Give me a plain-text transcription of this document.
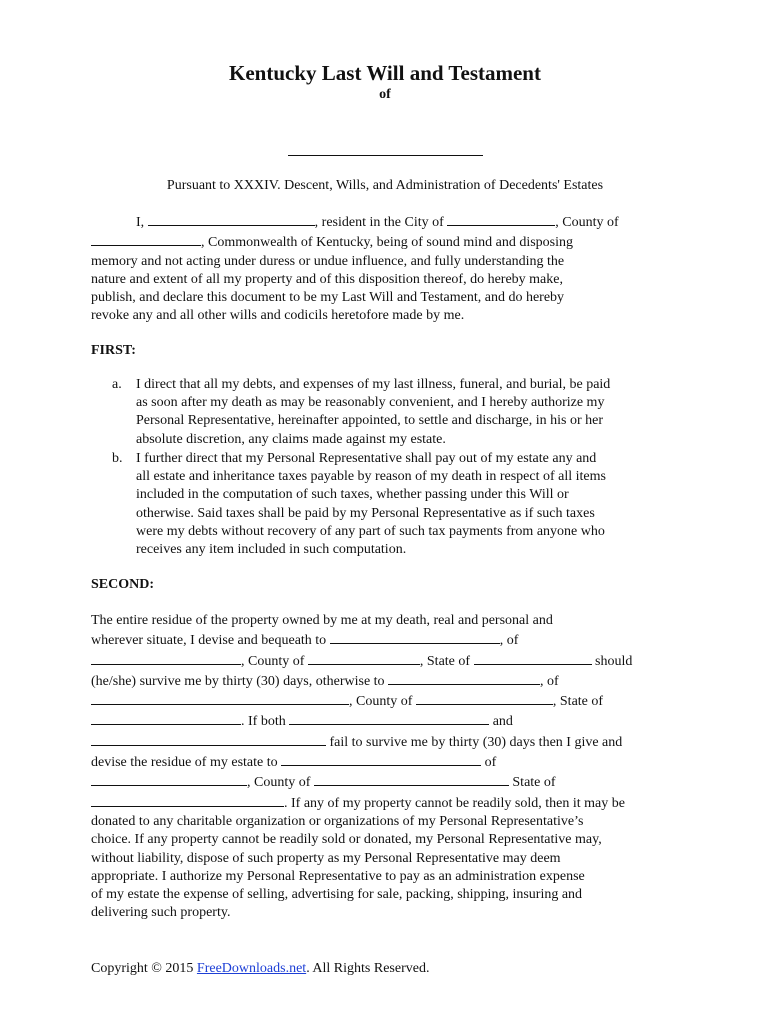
Kentucky Last Will and Testament
of
Pursuant to XXXIV. Descent, Wills, and Administration of Decedents' Estates

I,	, resident in the City of	, County of

, Commonwealth of Kentucky, being of sound mind and disposing

memory and not acting under duress or undue influence, and fully understanding the

nature and extent of all my property and of this disposition thereof, do hereby make,

publish, and declare this document to be my Last Will and Testament, and do hereby

revoke any and all other wills and codicils heretofore made by me.

FIRST:
a. I direct that all my debts, and expenses of my last illness, funeral, and burial, be paid

as soon after my death as may be reasonably convenient, and I hereby authorize my

Personal Representative, hereinafter appointed, to settle and discharge, in his or her

absolute discretion, any claims made against my estate.

b. I further direct that my Personal Representative shall pay out of my estate any and

all estate and inheritance taxes payable by reason of my death in respect of all items

included in the computation of such taxes, whether passing under this Will or

otherwise. Said taxes shall be paid by my Personal Representative as if such taxes

were my debts without recovery of any part of such tax payments from anyone who

receives any item included in such computation.

SECOND:

The entire residue of the property owned by me at my death, real and personal and

wherever situate, I devise and bequeath to	, of

, County of	, State of	should

(he/she) survive me by thirty (30) days, otherwise to	, of

, County of	, State of

. If both	and

fail to survive me by thirty (30) days then I give and

devise the residue of my estate to	of

, County of	State of

. If any of my property cannot be readily sold, then it may be

donated to any charitable organization or organizations of my Personal Representative’s

choice. If any property cannot be readily sold or donated, my Personal Representative may,

without liability, dispose of such property as my Personal Representative may deem

appropriate. I authorize my Personal Representative to pay as an administration expense

of my estate the expense of selling, advertising for sale, packing, shipping, insuring and

delivering such property.

Copyright © 2015 FreeDownloads.net. All Rights Reserved.
